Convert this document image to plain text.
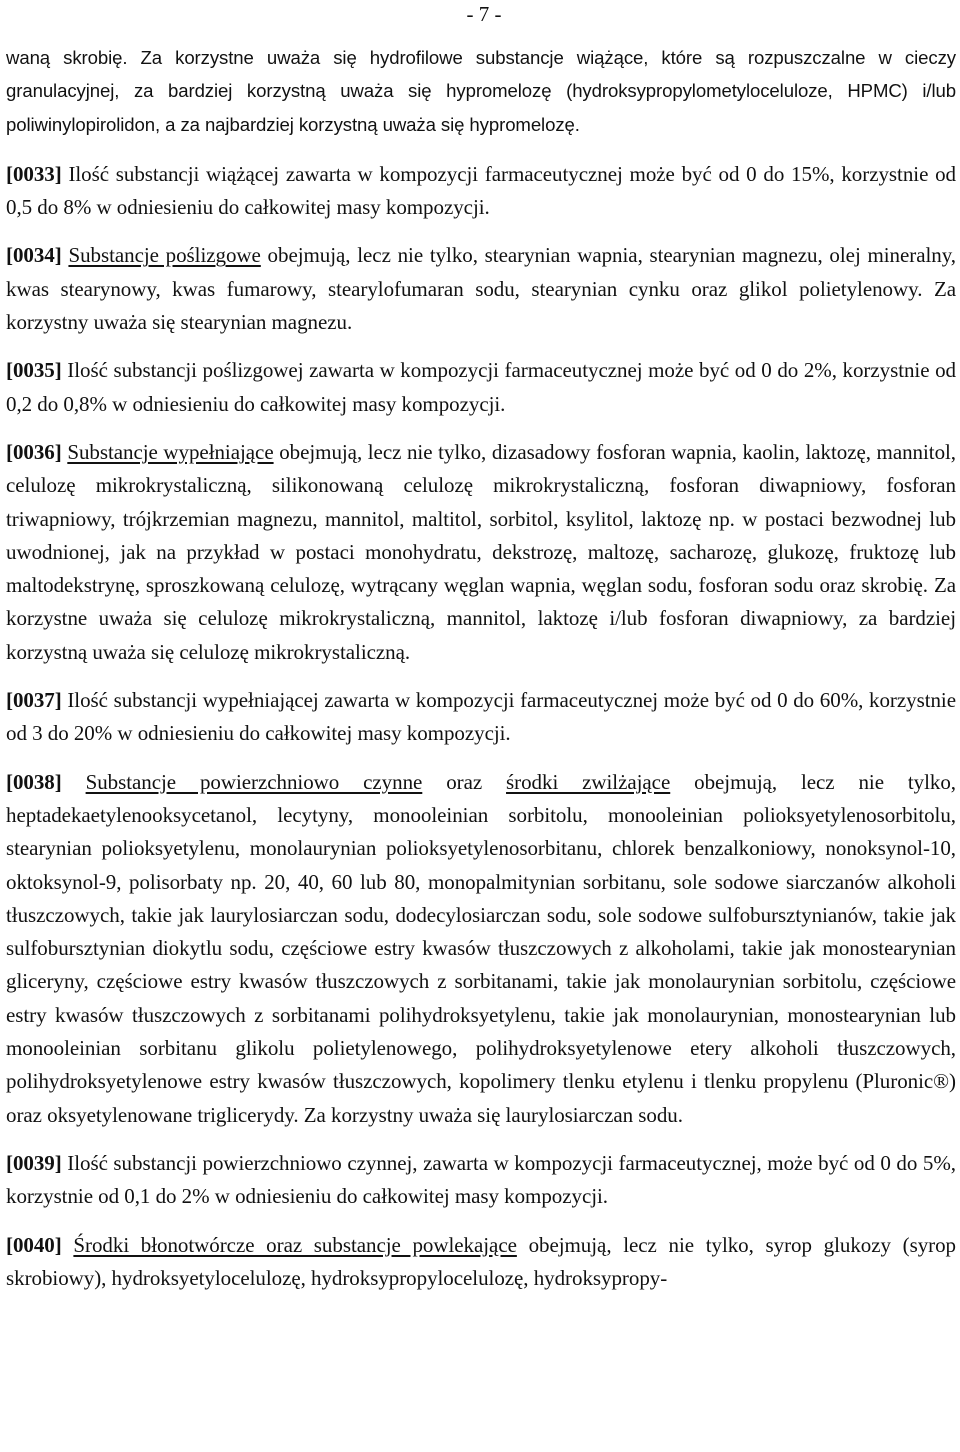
- 7 -

waną skrobię. Za korzystne uważa się hydrofilowe substancje wiążące, które są rozpuszczalne w cieczy granulacyjnej, za bardziej korzystną uważa się hypromelozę (hydroksypropylometyloceluloze, HPMC) i/lub poliwinylopirolidon, a za najbardziej korzystną uważa się hypromelozę.

[0033] Ilość substancji wiążącej zawarta w kompozycji farmaceutycznej może być od 0 do 15%, korzystnie od 0,5 do 8% w odniesieniu do całkowitej masy kompozycji.

[0034] Substancje poślizgowe obejmują, lecz nie tylko, stearynian wapnia, stearynian magnezu, olej mineralny, kwas stearynowy, kwas fumarowy, stearylofumaran sodu, stearynian cynku oraz glikol polietylenowy. Za korzystny uważa się stearynian magnezu.

[0035] Ilość substancji poślizgowej zawarta w kompozycji farmaceutycznej może być od 0 do 2%, korzystnie od 0,2 do 0,8% w odniesieniu do całkowitej masy kompozycji.

[0036] Substancje wypełniające obejmują, lecz nie tylko, dizasadowy fosforan wapnia, kaolin, laktozę, mannitol, celulozę mikrokrystaliczną, silikonowaną celulozę mikrokrystaliczną, fosforan diwapniowy, fosforan triwapniowy, trójkrzemian magnezu, mannitol, maltitol, sorbitol, ksylitol, laktozę np. w postaci bezwodnej lub uwodnionej, jak na przykład w postaci monohydratu, dekstrozę, maltozę, sacharozę, glukozę, fruktozę lub maltodekstrynę, sproszkowaną celulozę, wytrącany węglan wapnia, węglan sodu, fosforan sodu oraz skrobię. Za korzystne uważa się celulozę mikrokrystaliczną, mannitol, laktozę i/lub fosforan diwapniowy, za bardziej korzystną uważa się celulozę mikrokrystaliczną.

[0037] Ilość substancji wypełniającej zawarta w kompozycji farmaceutycznej może być od 0 do 60%, korzystnie od 3 do 20% w odniesieniu do całkowitej masy kompozycji.

[0038] Substancje powierzchniowo czynne oraz środki zwilżające obejmują, lecz nie tylko, heptadekaetylenooksycetanol, lecytyny, monooleinian sorbitolu, monooleinian polioksyetylenosorbitolu, stearynian polioksyetylenu, monolaurynian polioksyetylenosorbitanu, chlorek benzalkoniowy, nonoksynol-10, oktoksynol-9, polisorbaty np. 20, 40, 60 lub 80, monopalmitynian sorbitanu, sole sodowe siarczanów alkoholi tłuszczowych, takie jak laurylosiarczan sodu, dodecylosiarczan sodu, sole sodowe sulfobursztynianów, takie jak sulfobursztynian diokytlu sodu, częściowe estry kwasów tłuszczowych z alkoholami, takie jak monostearynian gliceryny, częściowe estry kwasów tłuszczowych z sorbitanami, takie jak monolaurynian sorbitolu, częściowe estry kwasów tłuszczowych z sorbitanami polihydroksyetylenu, takie jak monolaurynian, monostearynian lub monooleinian sorbitanu glikolu polietylenowego, polihydroksyetylenowe etery alkoholi tłuszczowych, polihydroksyetylenowe estry kwasów tłuszczowych, kopolimery tlenku etylenu i tlenku propylenu (Pluronic®) oraz oksyetylenowane triglicerydy. Za korzystny uważa się laurylosiarczan sodu.

[0039] Ilość substancji powierzchniowo czynnej, zawarta w kompozycji farmaceutycznej, może być od 0 do 5%, korzystnie od 0,1 do 2% w odniesieniu do całkowitej masy kompozycji.

[0040] Środki błonotwórcze oraz substancje powlekające obejmują, lecz nie tylko, syrop glukozy (syrop skrobiowy), hydroksyetylocelulozę, hydroksypropylocelulozę, hydroksypropy-
